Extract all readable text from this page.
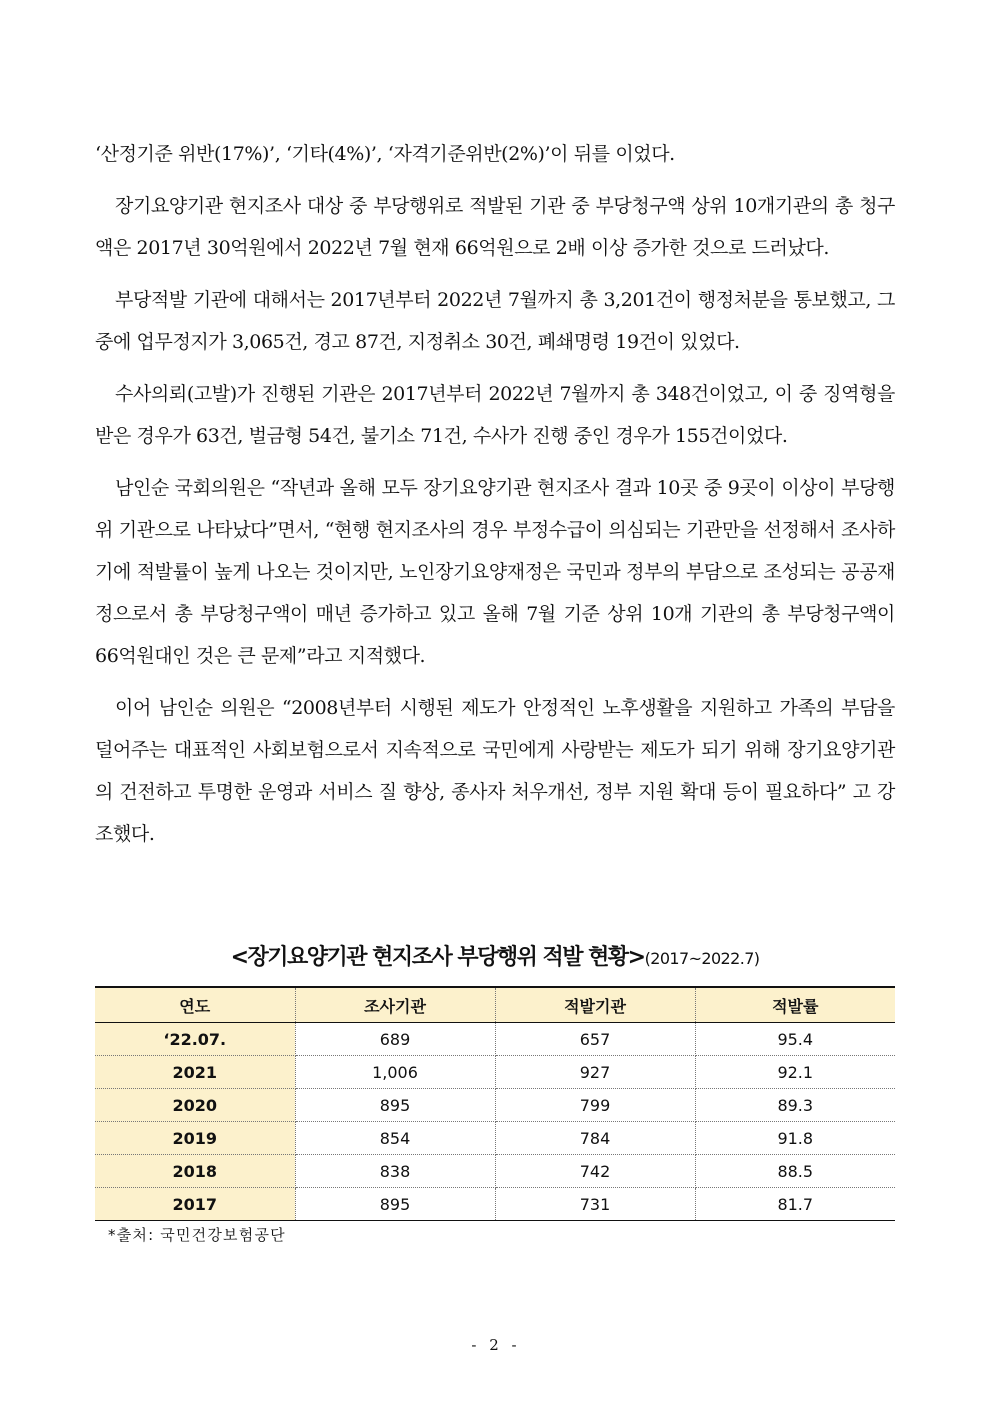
‘산정기준 위반(17%)’, ‘기타(4%)’, ‘자격기준위반(2%)’이 뒤를 이었다.

장기요양기관 현지조사 대상 중 부당행위로 적발된 기관 중 부당청구액 상위 10개기관의 총 청구액은 2017년 30억원에서 2022년 7월 현재 66억원으로 2배 이상 증가한 것으로 드러났다.

부당적발 기관에 대해서는 2017년부터 2022년 7월까지 총 3,201건이 행정처분을 통보했고, 그 중에 업무정지가 3,065건, 경고 87건, 지정취소 30건, 폐쇄명령 19건이 있었다.

수사의뢰(고발)가 진행된 기관은 2017년부터 2022년 7월까지 총 348건이었고, 이 중 징역형을 받은 경우가 63건, 벌금형 54건, 불기소 71건, 수사가 진행 중인 경우가 155건이었다.

남인순 국회의원은 “작년과 올해 모두 장기요양기관 현지조사 결과 10곳 중 9곳이 이상이 부당행위 기관으로 나타났다”면서, “현행 현지조사의 경우 부정수급이 의심되는 기관만을 선정해서 조사하기에 적발률이 높게 나오는 것이지만, 노인장기요양재정은 국민과 정부의 부담으로 조성되는 공공재정으로서 총 부당청구액이 매년 증가하고 있고 올해 7월 기준 상위 10개 기관의 총 부당청구액이 66억원대인 것은 큰 문제”라고 지적했다.

이어 남인순 의원은 “2008년부터 시행된 제도가 안정적인 노후생활을 지원하고 가족의 부담을 덜어주는 대표적인 사회보험으로서 지속적으로 국민에게 사랑받는 제도가 되기 위해 장기요양기관의 건전하고 투명한 운영과 서비스 질 향상, 종사자 처우개선, 정부 지원 확대 등이 필요하다” 고 강조했다.

<장기요양기관 현지조사 부당행위 적발 현황>(2017~2022.7)
연도	조사기관	적발기관	적발률
‘22.07.	689	657	95.4
2021	1,006	927	92.1
2020	895	799	89.3
2019	854	784	91.8
2018	838	742	88.5
2017	895	731	81.7
*출처: 국민건강보험공단
- 2 -
